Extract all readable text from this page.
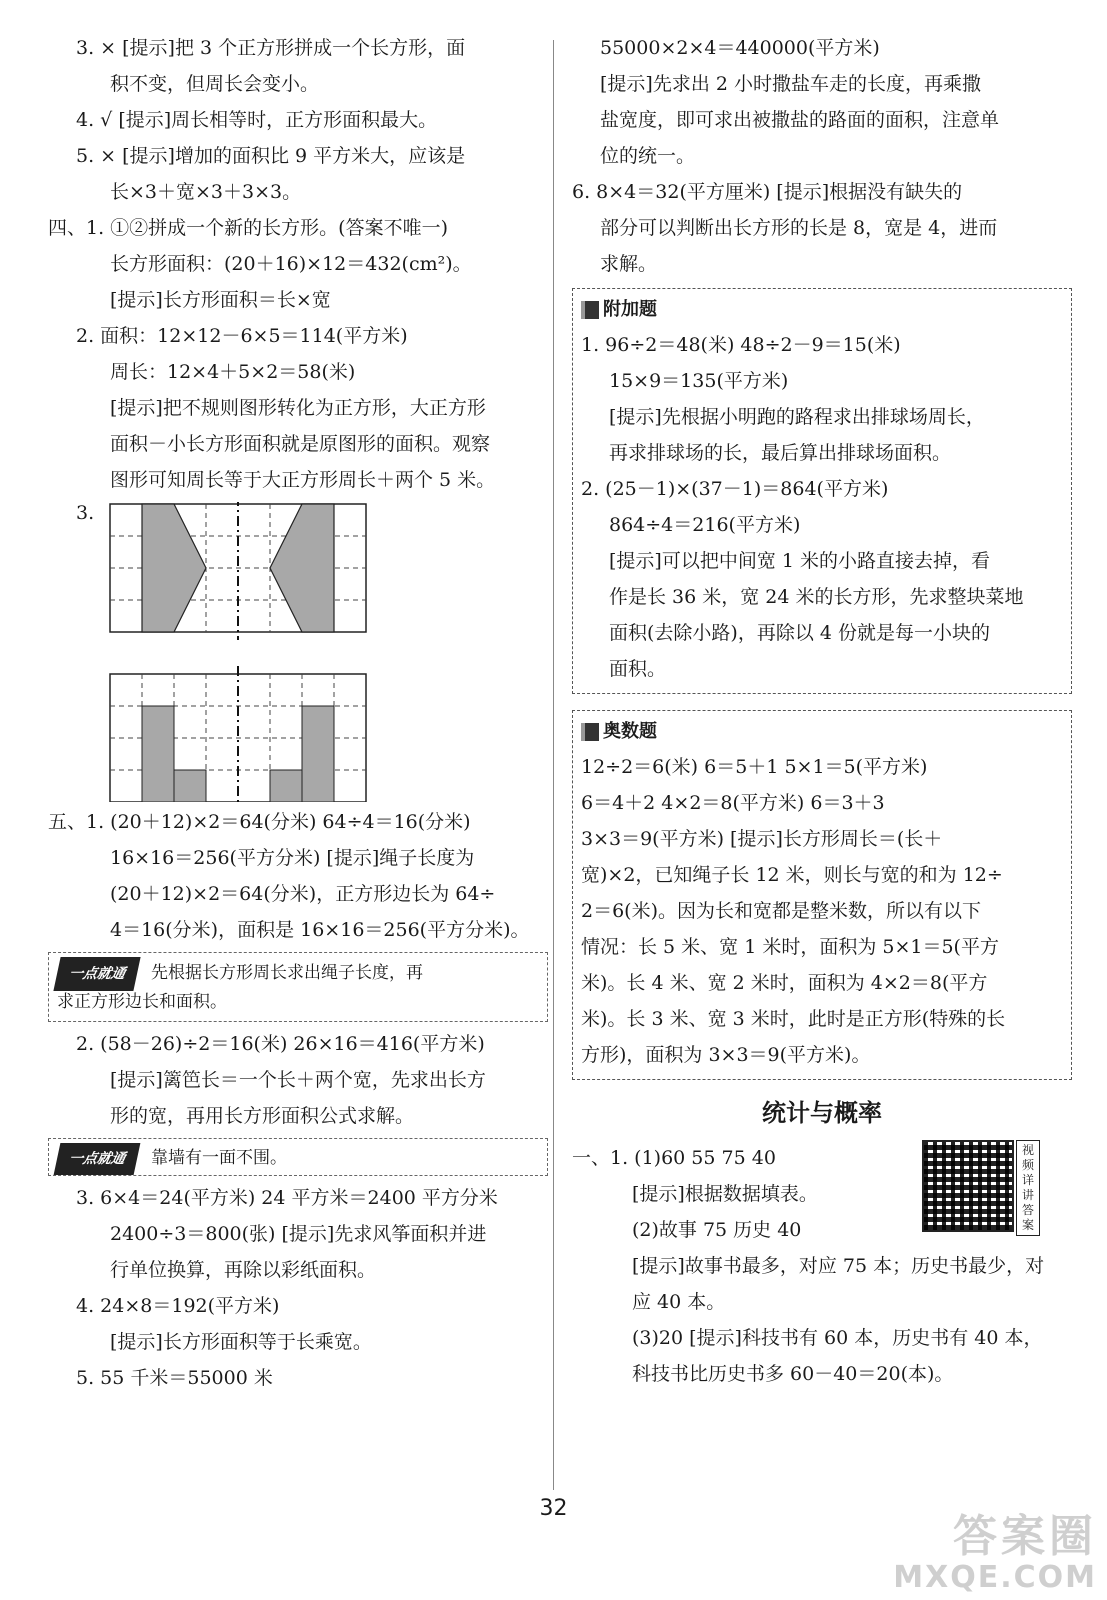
3. × [提示]把 3 个正方形拼成一个长方形，面
积不变，但周长会变小。
4. √ [提示]周长相等时，正方形面积最大。
5. × [提示]增加的面积比 9 平方米大，应该是
长×3＋宽×3＋3×3。
四、1. ①②拼成一个新的长方形。(答案不唯一)
长方形面积：(20＋16)×12＝432(cm²)。
[提示]长方形面积＝长×宽
2. 面积：12×12－6×5＝114(平方米)
周长：12×4＋5×2＝58(米)
[提示]把不规则图形转化为正方形，大正方形
面积－小长方形面积就是原图形的面积。观察
图形可知周长等于大正方形周长＋两个 5 米。
3.
五、1. (20＋12)×2＝64(分米) 64÷4＝16(分米)
16×16＝256(平方分米) [提示]绳子长度为
(20＋12)×2＝64(分米)，正方形边长为 64÷
4＝16(分米)，面积是 16×16＝256(平方分米)。
一点就通 先根据长方形周长求出绳子长度，再
求正方形边长和面积。
2. (58－26)÷2＝16(米) 26×16＝416(平方米)
[提示]篱笆长＝一个长＋两个宽，先求出长方
形的宽，再用长方形面积公式求解。
一点就通 靠墙有一面不围。
3. 6×4＝24(平方米) 24 平方米＝2400 平方分米
2400÷3＝800(张) [提示]先求风筝面积并进
行单位换算，再除以彩纸面积。
4. 24×8＝192(平方米)
[提示]长方形面积等于长乘宽。
5. 55 千米＝55000 米
55000×2×4＝440000(平方米)
[提示]先求出 2 小时撒盐车走的长度，再乘撒
盐宽度，即可求出被撒盐的路面的面积，注意单
位的统一。
6. 8×4＝32(平方厘米) [提示]根据没有缺失的
部分可以判断出长方形的长是 8，宽是 4，进而
求解。
附加题
1. 96÷2＝48(米) 48÷2－9＝15(米)
15×9＝135(平方米)
[提示]先根据小明跑的路程求出排球场周长，
再求排球场的长，最后算出排球场面积。
2. (25－1)×(37－1)＝864(平方米)
864÷4＝216(平方米)
[提示]可以把中间宽 1 米的小路直接去掉，看
作是长 36 米，宽 24 米的长方形，先求整块菜地
面积(去除小路)，再除以 4 份就是每一小块的
面积。
奥数题
12÷2＝6(米) 6＝5＋1 5×1＝5(平方米)
6＝4＋2 4×2＝8(平方米) 6＝3＋3
3×3＝9(平方米) [提示]长方形周长＝(长＋
宽)×2，已知绳子长 12 米，则长与宽的和为 12÷
2＝6(米)。因为长和宽都是整米数，所以有以下
情况：长 5 米、宽 1 米时，面积为 5×1＝5(平方
米)。长 4 米、宽 2 米时，面积为 4×2＝8(平方
米)。长 3 米、宽 3 米时，此时是正方形(特殊的长
方形)，面积为 3×3＝9(平方米)。
统计与概率
视频详讲答案
一、1. (1)60 55 75 40
[提示]根据数据填表。
(2)故事 75 历史 40
[提示]故事书最多，对应 75 本；历史书最少，对
应 40 本。
(3)20 [提示]科技书有 60 本，历史书有 40 本，
科技书比历史书多 60－40＝20(本)。
32
答案圈
MXQE.COM
